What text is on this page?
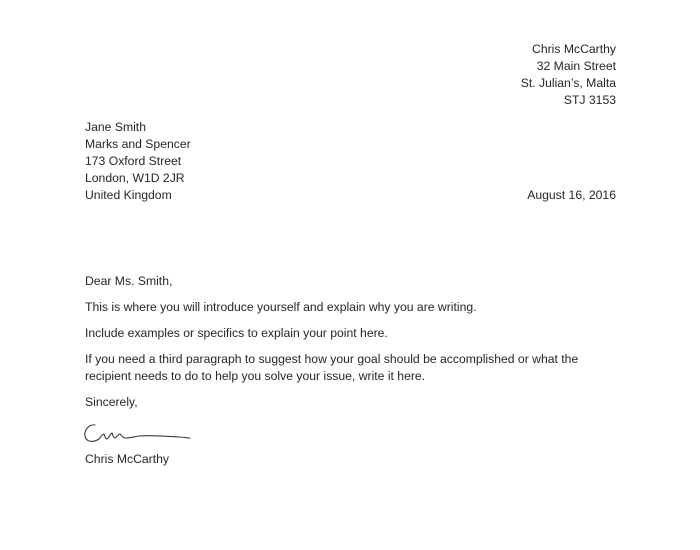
Chris McCarthy
32 Main Street
St. Julian’s, Malta
STJ 3153
Jane Smith
Marks and Spencer
173 Oxford Street
London, W1D 2JR
United Kingdom	August 16, 2016

Dear Ms. Smith,

This is where you will introduce yourself and explain why you are writing.

Include examples or specifics to explain your point here.

If you need a third paragraph to suggest how your goal should be accomplished or what the recipient needs to do to help you solve your issue, write it here.

Sincerely,

Chris McCarthy
